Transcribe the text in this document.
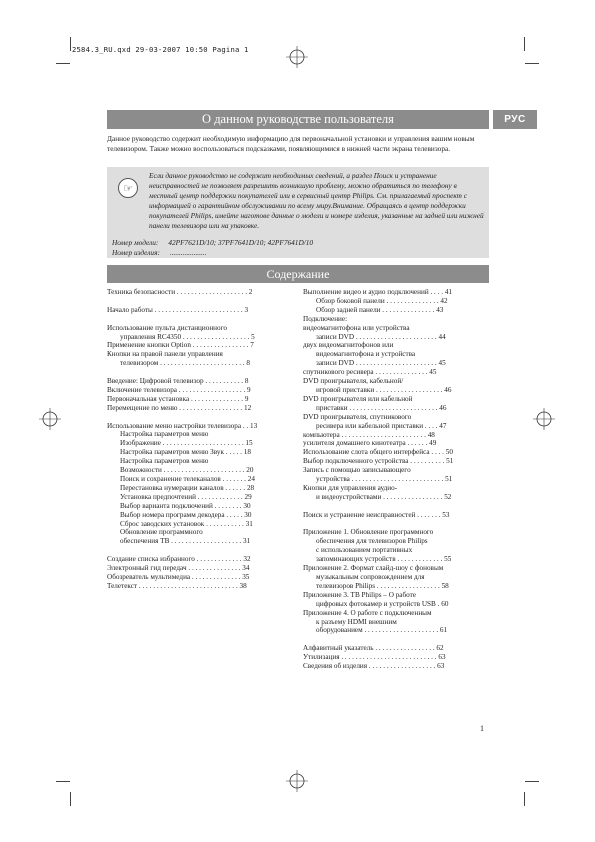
2584.3_RU.qxd 29-03-2007 10:50 Pagina 1
О данном руководстве пользователя	РУС
Данное руководство содержит необходимую информацию для первоначальной установки и управления вашим новым телевизором. Также можно воспользоваться подсказками, появляющимися в нижней части экрана телевизора.
☞
Если данное руководство не содержит необходимых сведений, а раздел Поиск и устранение неисправностей не позволяет разрешить возникшую проблему, можно обратиться по телефону в местный центр поддержки покупателей или в сервисный центр Philips. См. прилагаемый проспект с информацией о гарантийном обслуживании по всему миру.Внимание. Обращаясь в центр поддержки покупателей Philips, имейте наготове данные о модели и номере изделия, указанные на задней или нижней панели телевизора или на упаковке.
Номер модели: 42PF7621D/10; 37PF7641D/10; 42PF7641D/10
Номер изделия: ....................
Содержание
Техника безопасности . . . . . . . . . . . . . . . . . . . . 2
Начало работы . . . . . . . . . . . . . . . . . . . . . . . . . 3
Использование пульта дистанционного
управления RC4350 . . . . . . . . . . . . . . . . . . . 5
Применение кнопки Option . . . . . . . . . . . . . . . . 7
Кнопки на правой панели управления
телевизором . . . . . . . . . . . . . . . . . . . . . . . . 8
Введение: Цифровой телевизор . . . . . . . . . . . 8
Включение телевизора . . . . . . . . . . . . . . . . . . . 9
Первоначальная установка . . . . . . . . . . . . . . . 9
Перемещение по меню . . . . . . . . . . . . . . . . . . 12
Использование меню настройки телевизора . . 13
Настройка параметров меню
Изображение . . . . . . . . . . . . . . . . . . . . . . . 15
Настройка параметров меню Звук . . . . . 18
Настройка параметров меню
Возможности . . . . . . . . . . . . . . . . . . . . . . . 20
Поиск и сохранение телеканалов . . . . . . . 24
Перестановка нумерации каналов . . . . . . 28
Установка предпочтений . . . . . . . . . . . . . 29
Выбор варианта подключений . . . . . . . . 30
Выбор номера программ декодера . . . . . 30
Сброс заводских установок . . . . . . . . . . . 31
Обновление программного
обеспечения ТВ . . . . . . . . . . . . . . . . . . . . 31
Создание списка избранного . . . . . . . . . . . . . 32
Электронный гид передач . . . . . . . . . . . . . . . 34
Обозреватель мультимедиа . . . . . . . . . . . . . . 35
Телетекст . . . . . . . . . . . . . . . . . . . . . . . . . . . . 38
Выполнение видео и аудио подключений . . . . 41
Обзор боковой панели . . . . . . . . . . . . . . . 42
Обзор задней панели . . . . . . . . . . . . . . . 43
Подключение:
видеомагнитофона или устройства
записи DVD . . . . . . . . . . . . . . . . . . . . . . . 44
двух видеомагнитофонов или
видеомагнитофона и устройства
записи DVD . . . . . . . . . . . . . . . . . . . . . . . 45
спутникового ресивера . . . . . . . . . . . . . . . 45
DVD проигрывателя, кабельной/
игровой приставки . . . . . . . . . . . . . . . . . . . 46
DVD проигрывателя или кабельной
приставки . . . . . . . . . . . . . . . . . . . . . . . . . 46
DVD проигрывателя, спутникового
ресивера или кабельной приставки . . . . 47
компьютера . . . . . . . . . . . . . . . . . . . . . . . . 48
усилителя домашнего кинотеатра . . . . . . 49
Использование слота общего интерфейса . . . . 50
Выбор подключенного устройства . . . . . . . . . . 51
Запись с помощью записывающего
устройства . . . . . . . . . . . . . . . . . . . . . . . . . . 51
Кнопки для управления аудио-
и видеоустройствами . . . . . . . . . . . . . . . . . 52
Поиск и устранение неисправностей . . . . . . . 53
Приложение 1. Обновление программного
обеспечения для телевизоров Philips
с использованием портативных
запоминающих устройств . . . . . . . . . . . . . 55
Приложение 2. Формат слайд-шоу с фоновым
музыкальным сопровождением для
телевизоров Philips . . . . . . . . . . . . . . . . . . 58
Приложение 3. ТВ Philips – О работе
цифровых фотокамер и устройств USB . 60
Приложение 4. О работе с подключенным
к разъему HDMI внешним
оборудованием . . . . . . . . . . . . . . . . . . . . . 61
Алфавитный указатель . . . . . . . . . . . . . . . . . 62
Утилизация . . . . . . . . . . . . . . . . . . . . . . . . . . . 63
Сведения об изделия . . . . . . . . . . . . . . . . . . . 63
1
